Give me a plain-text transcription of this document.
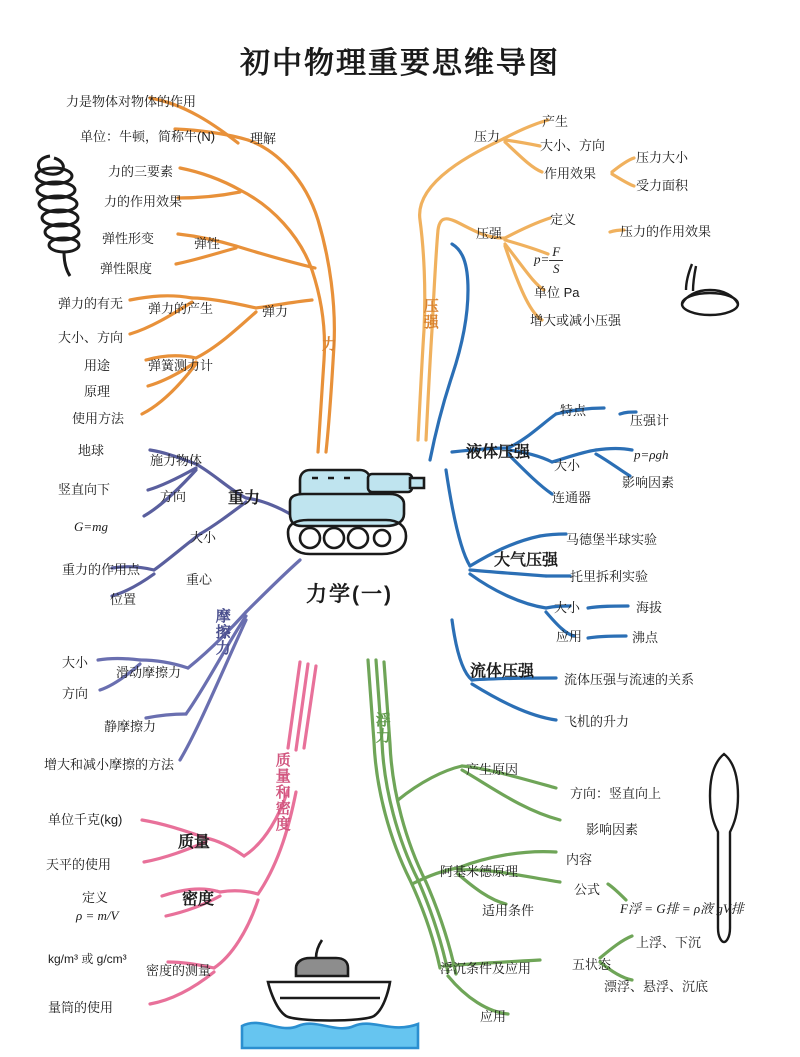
初中物理重要思维导图
力是物体对物体的作用
单位：牛顿，简称牛(N)	理解
力的三要素
力的作用效果
弹性形变	弹性
弹性限度
弹力的有无 弹力的产生	弹力
大小、方向
用途	弹簧测力计
原理
使用方法
地球
施力物体
竖直向下	方向	重力
G=mg
大小
重力的作用点
重心
位置
大小
滑动摩擦力
方向
静摩擦力
增大和减小摩擦的方法
单位千克(kg)
质量
天平的使用
定义	密度
ρ = m/V
kg/m³ 或 g/cm³
密度的测量
量筒的使用
产生
压力
大小、方向
作用效果
压力大小
受力面积
定义
压强	压力的作用效果
$p= \frac{F}{S}$
单位 Pa
增大或减小压强
特点
压强计
液体压强	p=ρgh
大小
影响因素
连通器
马德堡半球实验
大气压强
托里拆利实验
大小	海拔
应用	沸点
流体压强 流体压强与流速的关系
飞机的升力
产生原因
方向：竖直向上
影响因素
阿基米德原理
内容
公式
适用条件	F浮 = G排 = ρ液 gV排
浮沉条件及应用	五状态
上浮、下沉
漂浮、悬浮、沉底
应用
力
压强
摩擦力
质量和密度
浮力
力学(一)
